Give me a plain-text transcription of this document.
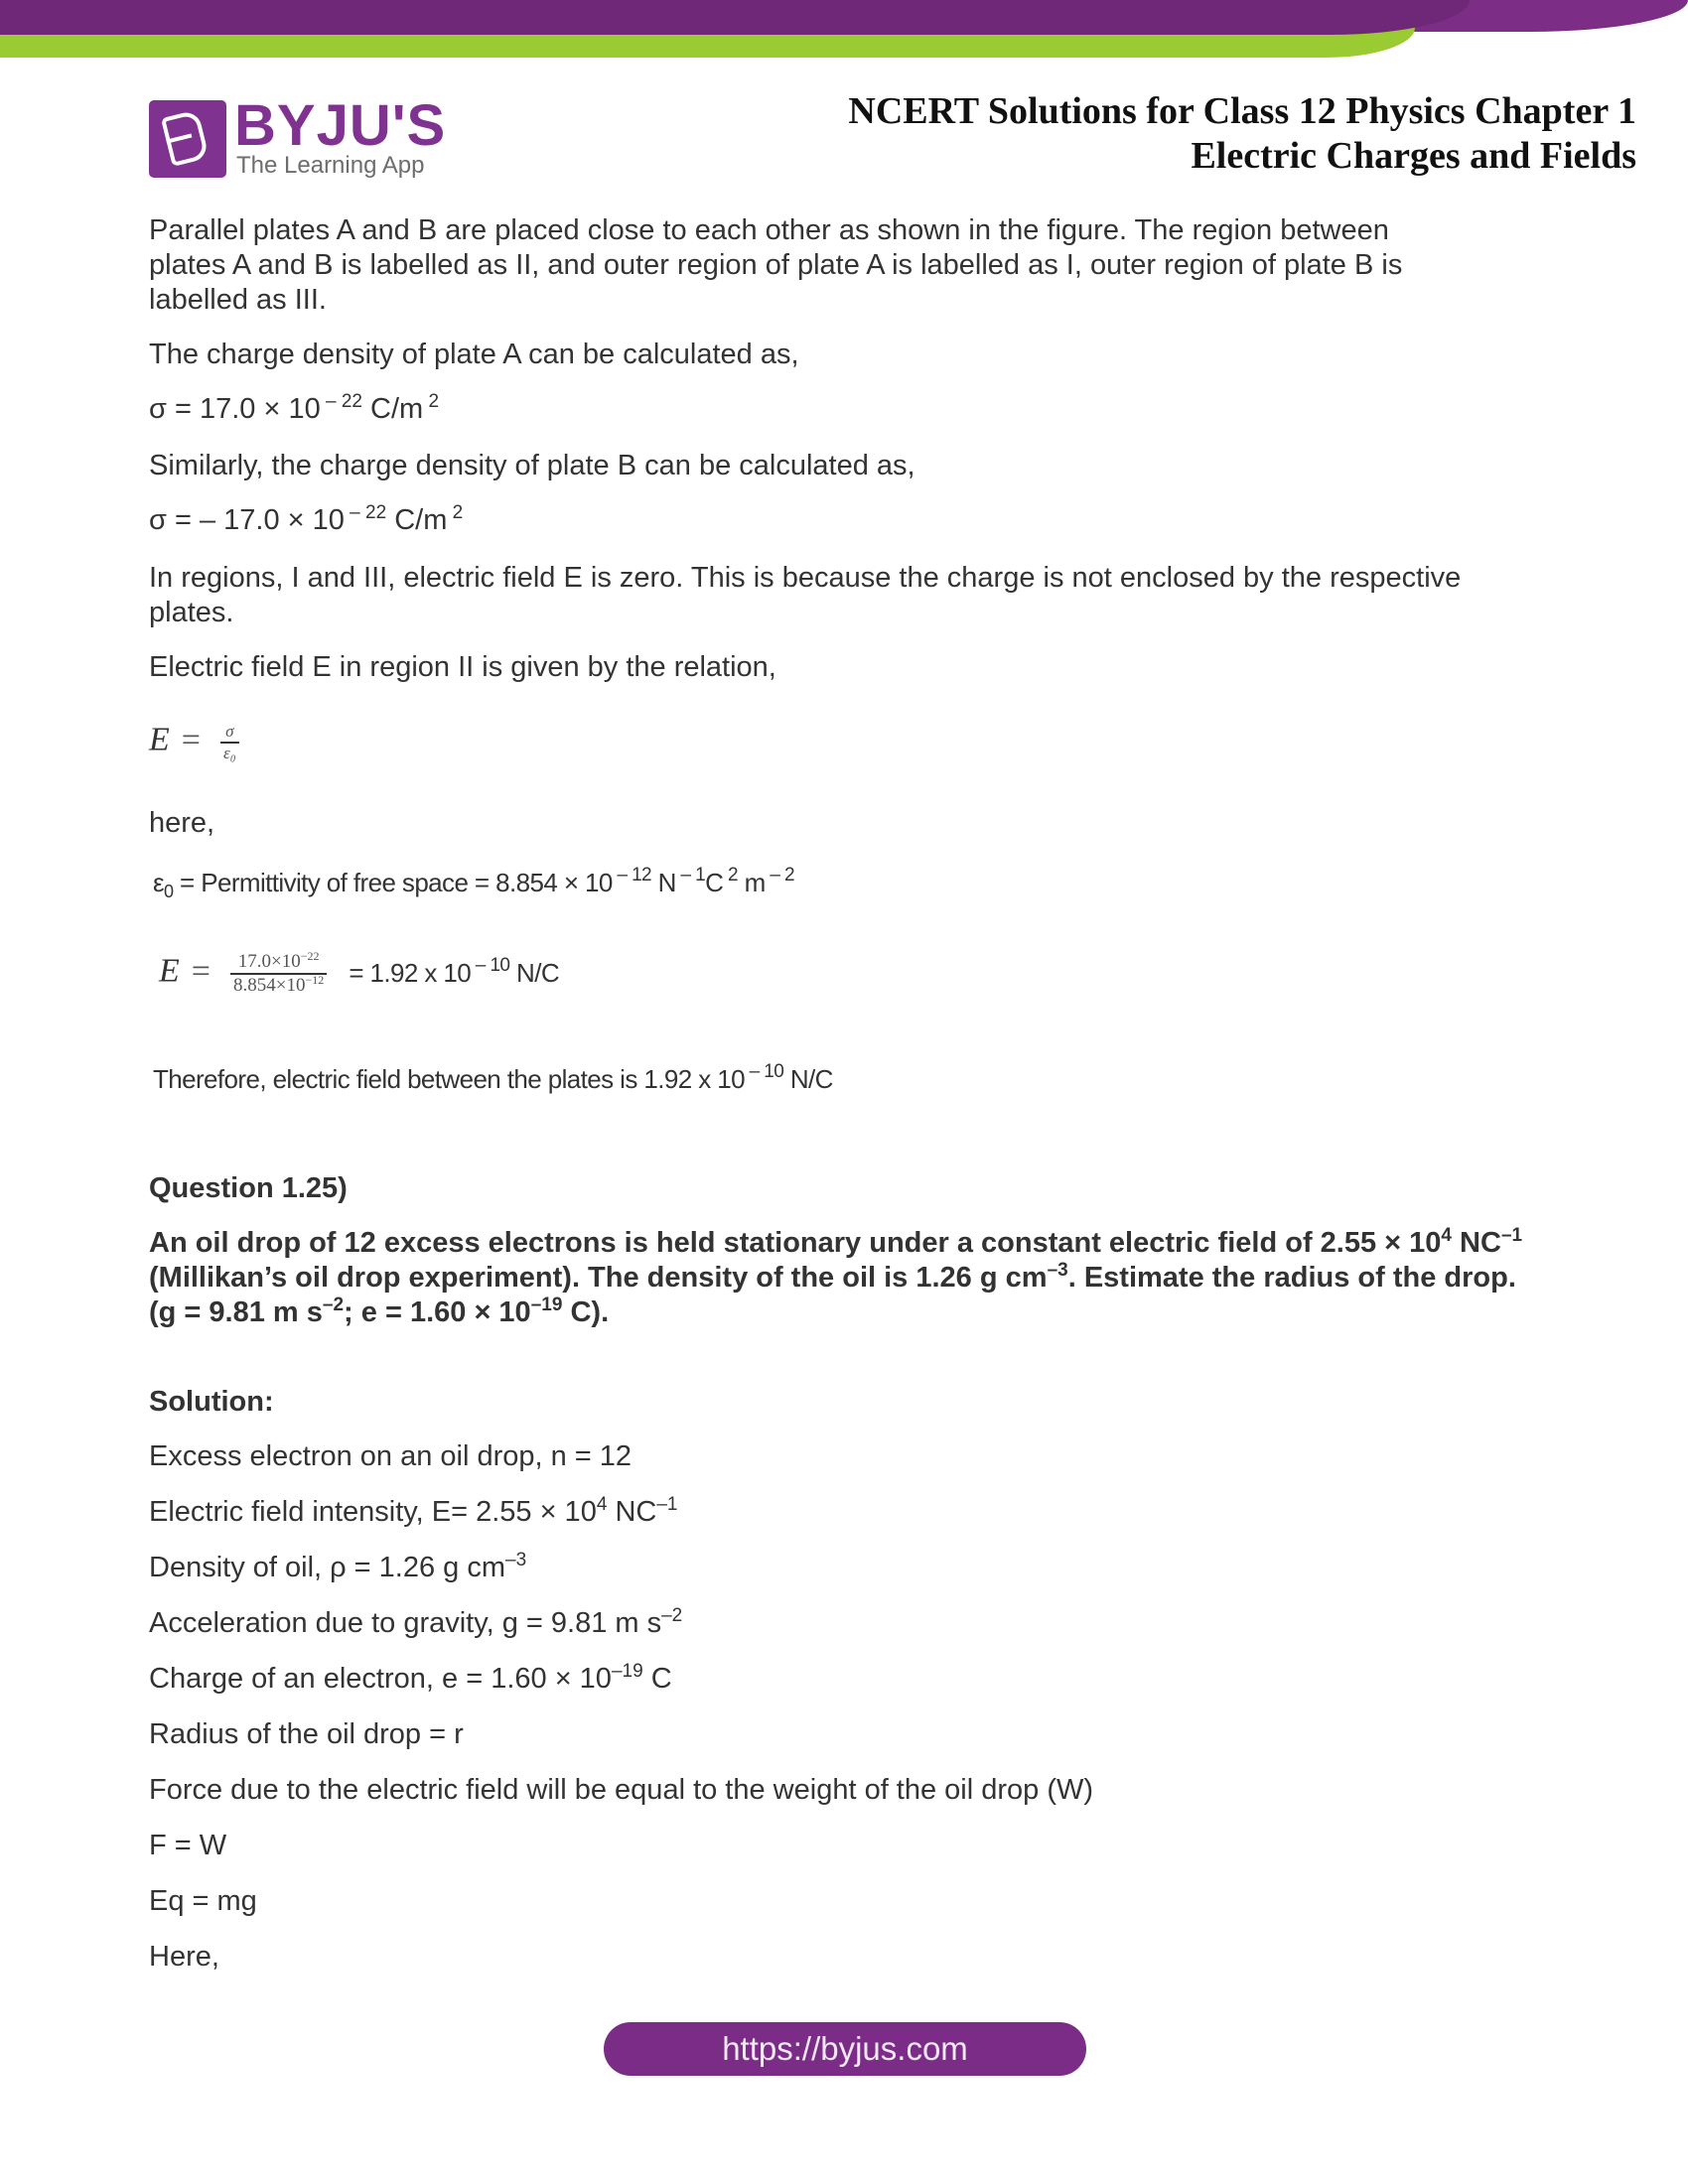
BYJU'S
The Learning App
NCERT Solutions for Class 12 Physics Chapter 1
Electric Charges and Fields

Parallel plates A and B are placed close to each other as shown in the figure. The region between plates A and B is labelled as II, and outer region of plate A is labelled as I, outer region of plate B is labelled as III.

The charge density of plate A can be calculated as,

σ = 17.0 × 10 $^{- 22}$ C/m $^2$

Similarly, the charge density of plate B can be calculated as,

σ = – 17.0 × 10 $^{- 22}$ C/m $^2$

In regions, I and III, electric field E is zero. This is because the charge is not enclosed by the respective plates.

Electric field E in region II is given by the relation,

$E = \frac{\sigma}{\text{ε₀}}$

here,

$\varepsilon_0$ = Permittivity of free space = 8.854 × 10 $^{- 12}$ N $^{- 1}$C $^2$ m $^{- 2}$

$E = \frac{17.0\times 10^{-22}}{8.854\times 10^{-12}} = 1.92$ x 10 $^{- 10}$ N/C

Therefore, electric field between the plates is 1.92 x 10 $^{- 10}$ N/C

Question 1.25)

An oil drop of 12 excess electrons is held stationary under a constant electric field of $2.55 \times 10^4$ $NC^{-1}$ (Millikan’s oil drop experiment). The density of the oil is 1.26 g $cm^{-3}$. Estimate the radius of the drop.
(g = 9.81 m $s^{-2}$; $e = 1.60 \times 10^{-19}$ C).

Solution:

Excess electron on an oil drop, n = 12

Electric field intensity, $E= 2.55 \times 10^4$ $NC^{-1}$

Density of oil, ρ = 1.26 g $cm^{-3}$

Acceleration due to gravity, g = 9.81 m $s^{-2}$

Charge of an electron, $e = 1.60 \times 10^{-19}$ C

Radius of the oil drop = r

Force due to the electric field will be equal to the weight of the oil drop (W)

F = W

Eq = mg

Here,

https://byjus.com
